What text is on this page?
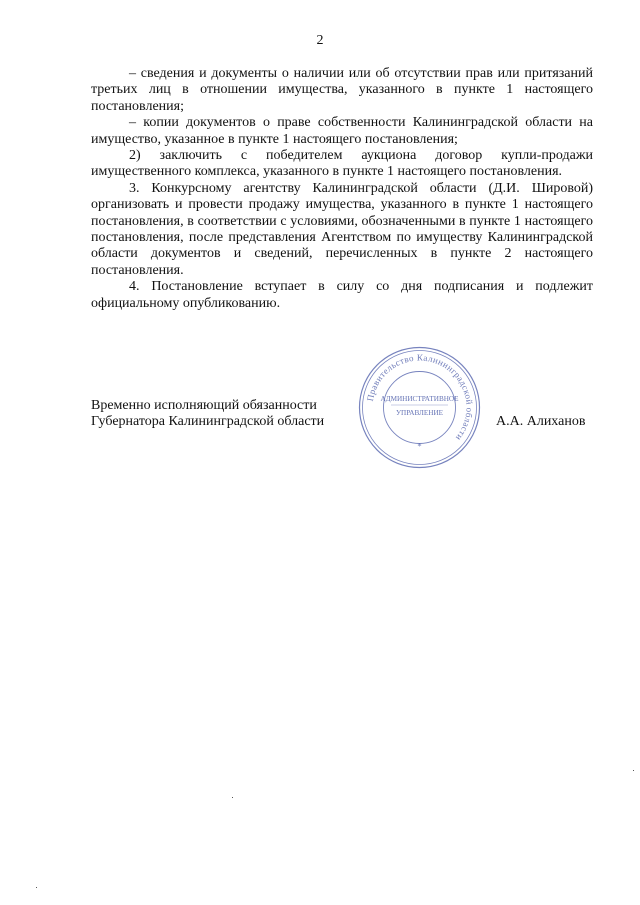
2

– сведения и документы о наличии или об отсутствии прав или притязаний третьих лиц в отношении имущества, указанного в пункте 1 настоящего постановления;

– копии документов о праве собственности Калининградской области на имущество, указанное в пункте 1 настоящего постановления;

2) заключить с победителем аукциона договор купли-продажи имущественного комплекса, указанного в пункте 1 настоящего постановления.

3. Конкурсному агентству Калининградской области (Д.И. Шировой) организовать и провести продажу имущества, указанного в пункте 1 настоящего постановления, в соответствии с условиями, обозначенными в пункте 1 настоящего постановления, после представления Агентством по имуществу Калининградской области документов и сведений, перечисленных в пункте 2 настоящего постановления.

4. Постановление вступает в силу со дня подписания и подлежит официальному опубликованию.

Временно исполняющий обязанности
Губернатора Калининградской области	А.А. Алиханов
Правительство Калининградской области
АДМИНИСТРАТИВНОЕ
УПРАВЛЕНИЕ
*
